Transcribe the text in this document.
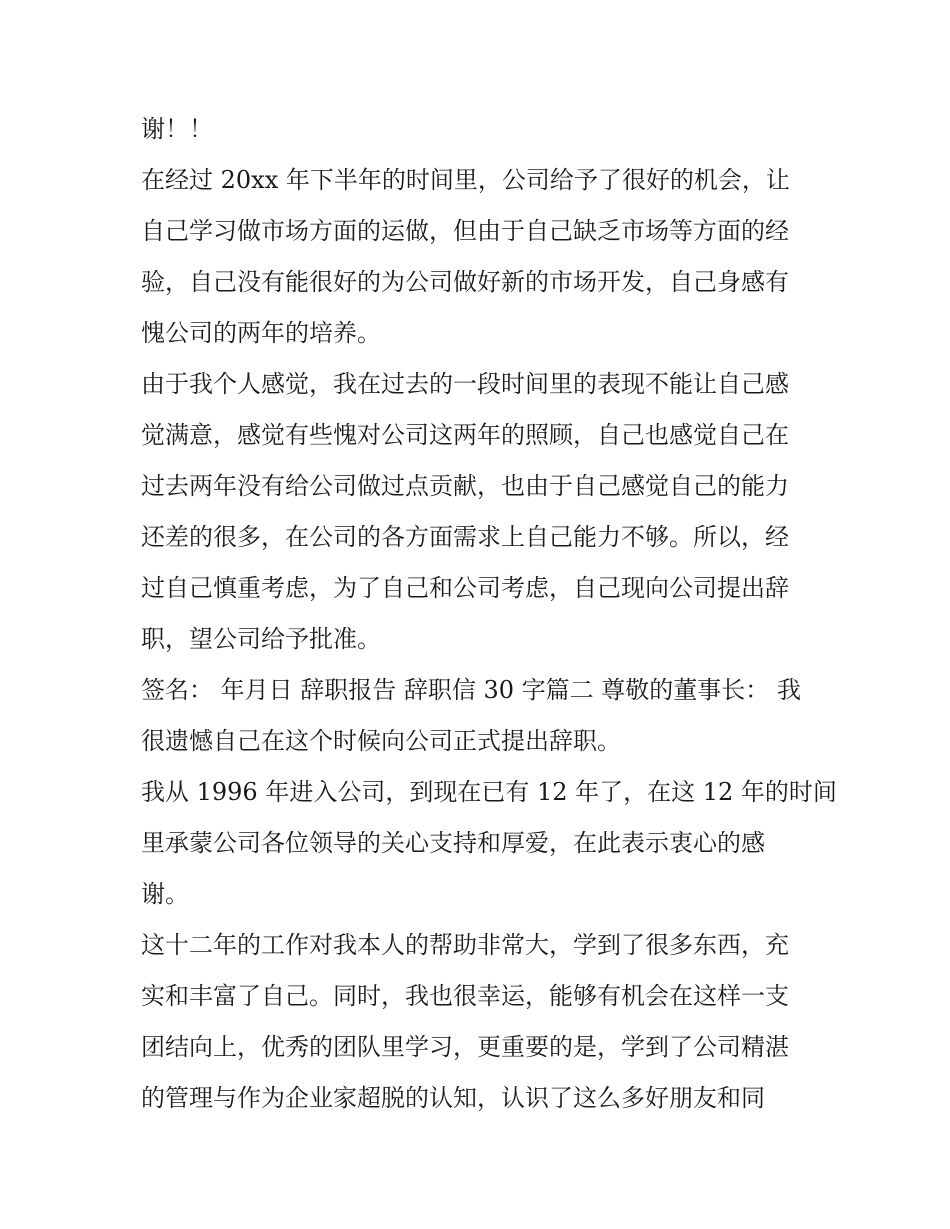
谢！！
在经过 20xx 年下半年的时间里，公司给予了很好的机会，让
自己学习做市场方面的运做，但由于自己缺乏市场等方面的经
验，自己没有能很好的为公司做好新的市场开发，自己身感有
愧公司的两年的培养。
由于我个人感觉，我在过去的一段时间里的表现不能让自己感
觉满意，感觉有些愧对公司这两年的照顾，自己也感觉自己在
过去两年没有给公司做过点贡献，也由于自己感觉自己的能力
还差的很多，在公司的各方面需求上自己能力不够。所以，经
过自己慎重考虑，为了自己和公司考虑，自己现向公司提出辞
职，望公司给予批准。
签名： 年月日 辞职报告 辞职信 30 字篇二 尊敬的董事长： 我
很遗憾自己在这个时候向公司正式提出辞职。
我从 1996 年进入公司，到现在已有 12 年了，在这 12 年的时间
里承蒙公司各位领导的关心支持和厚爱，在此表示衷心的感
谢。
这十二年的工作对我本人的帮助非常大，学到了很多东西，充
实和丰富了自己。同时，我也很幸运，能够有机会在这样一支
团结向上，优秀的团队里学习，更重要的是，学到了公司精湛
的管理与作为企业家超脱的认知，认识了这么多好朋友和同
